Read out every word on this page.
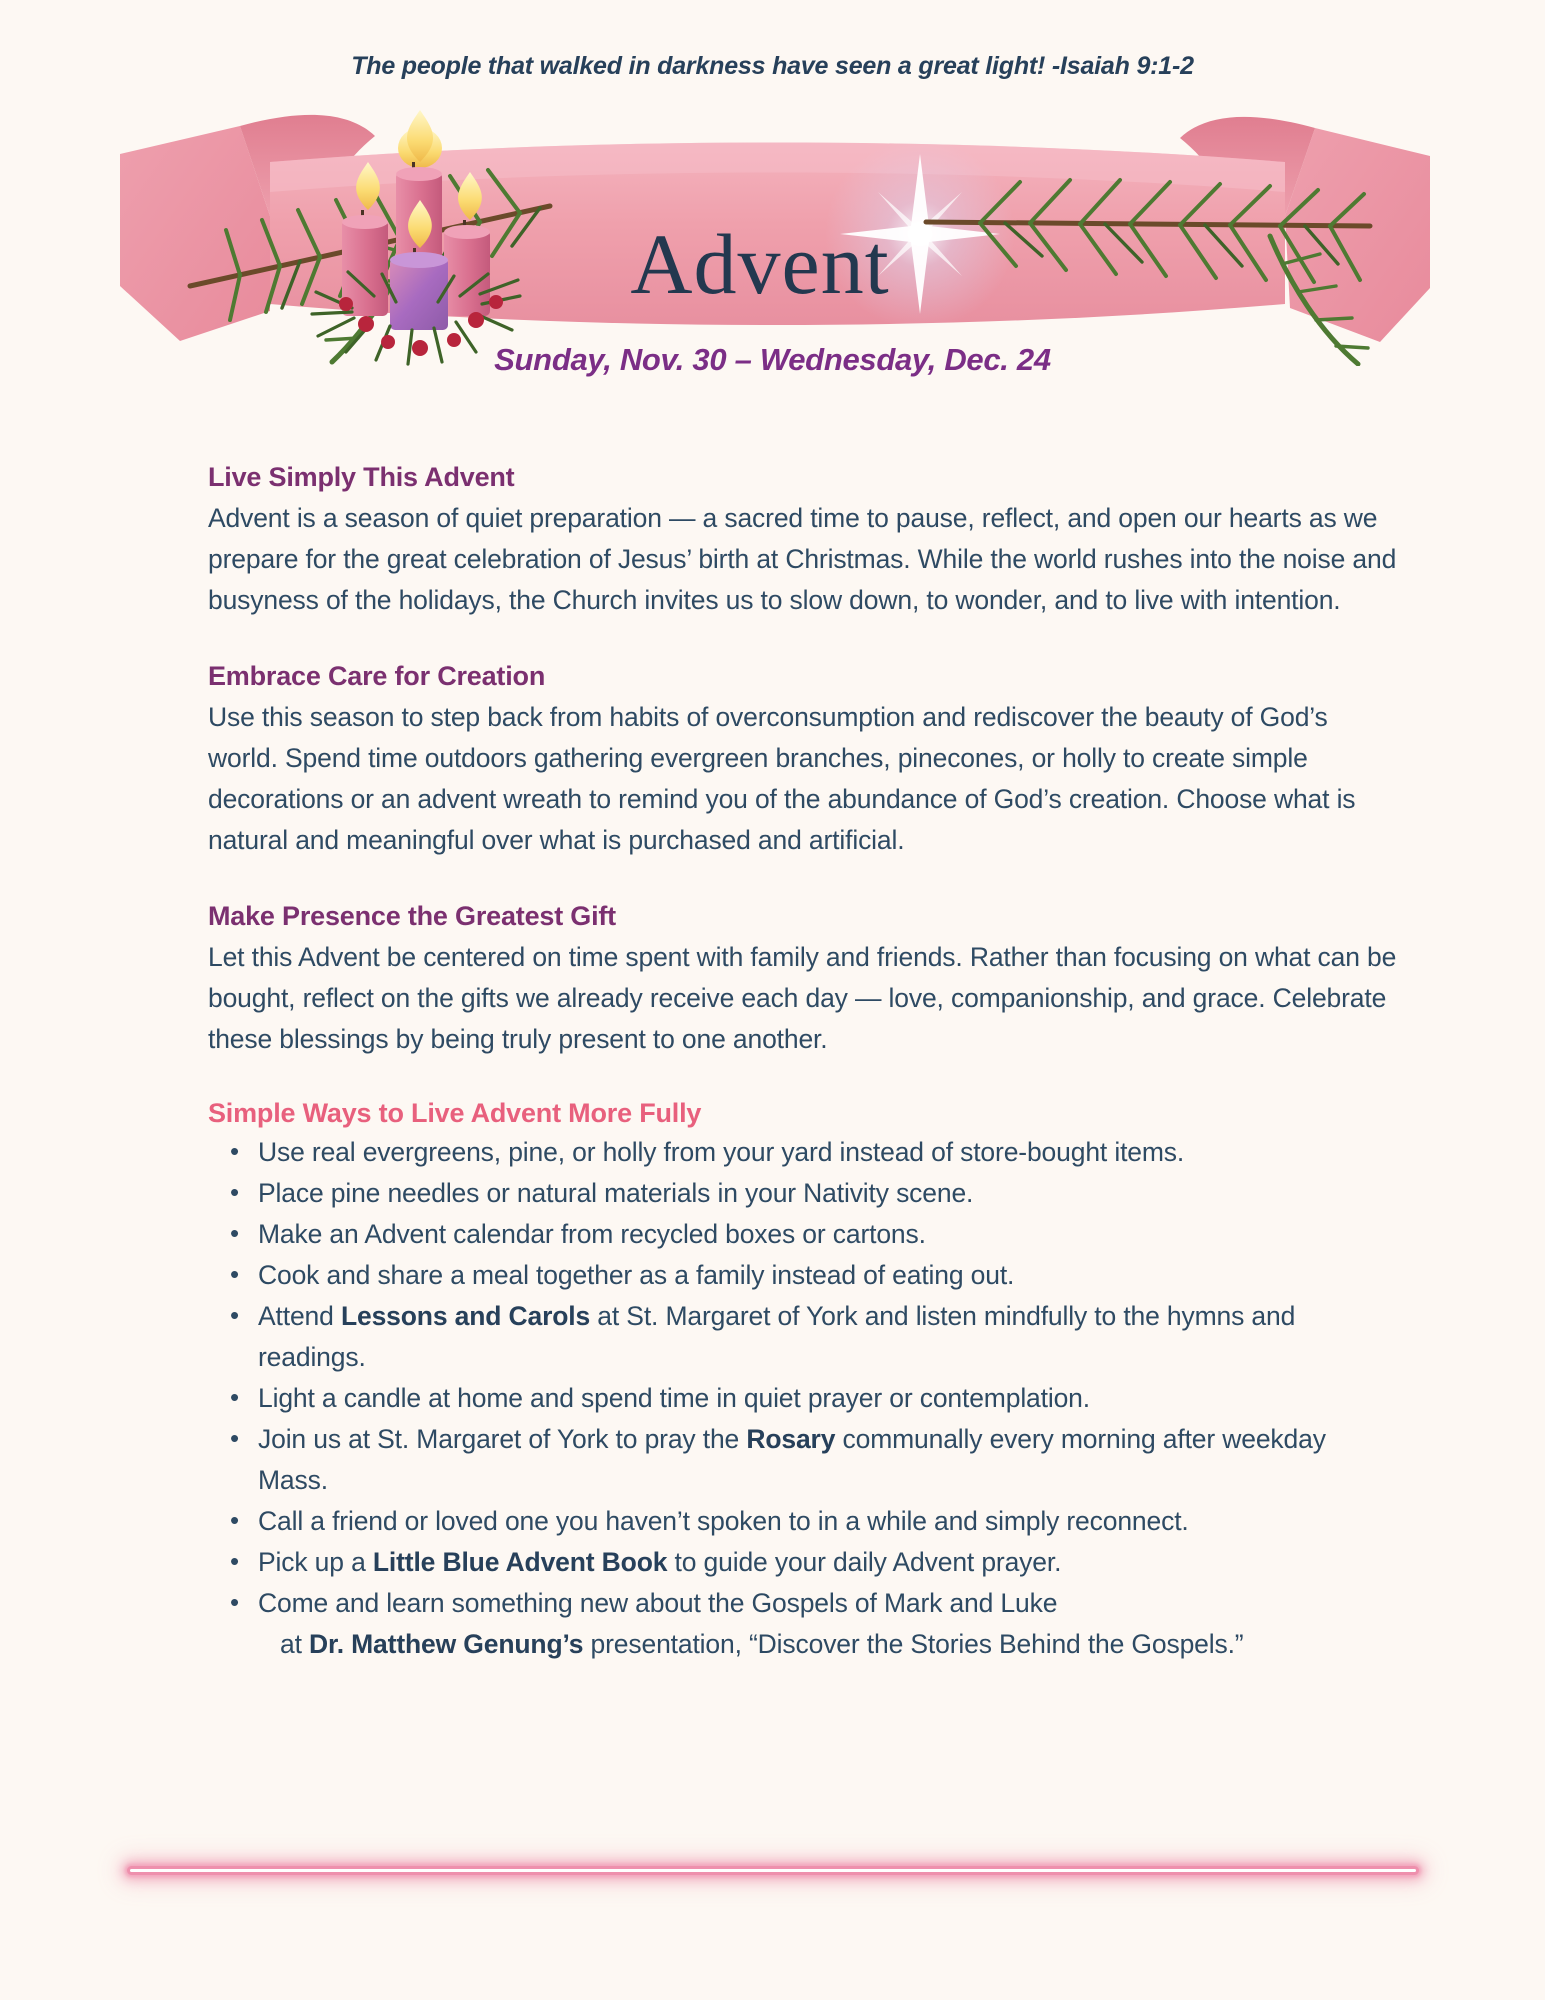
The people that walked in darkness have seen a great light! -Isaiah 9:1-2
Advent
Sunday, Nov. 30 – Wednesday, Dec. 24
Live Simply This Advent
Advent is a season of quiet preparation — a sacred time to pause, reflect, and open our hearts as we prepare for the great celebration of Jesus’ birth at Christmas. While the world rushes into the noise and busyness of the holidays, the Church invites us to slow down, to wonder, and to live with intention.
Embrace Care for Creation
Use this season to step back from habits of overconsumption and rediscover the beauty of God’s world. Spend time outdoors gathering evergreen branches, pinecones, or holly to create simple decorations or an advent wreath to remind you of the abundance of God’s creation. Choose what is natural and meaningful over what is purchased and artificial.
Make Presence the Greatest Gift
Let this Advent be centered on time spent with family and friends. Rather than focusing on what can be bought, reflect on the gifts we already receive each day — love, companionship, and grace. Celebrate these blessings by being truly present to one another.
Simple Ways to Live Advent More Fully
• Use real evergreens, pine, or holly from your yard instead of store-bought items.
• Place pine needles or natural materials in your Nativity scene.
• Make an Advent calendar from recycled boxes or cartons.
• Cook and share a meal together as a family instead of eating out.
• Attend Lessons and Carols at St. Margaret of York and listen mindfully to the hymns and readings.
• Light a candle at home and spend time in quiet prayer or contemplation.
• Join us at St. Margaret of York to pray the Rosary communally every morning after weekday Mass.
• Call a friend or loved one you haven’t spoken to in a while and simply reconnect.
• Pick up a Little Blue Advent Book to guide your daily Advent prayer.
• Come and learn something new about the Gospels of Mark and Luke
at Dr. Matthew Genung’s presentation, “Discover the Stories Behind the Gospels.”
